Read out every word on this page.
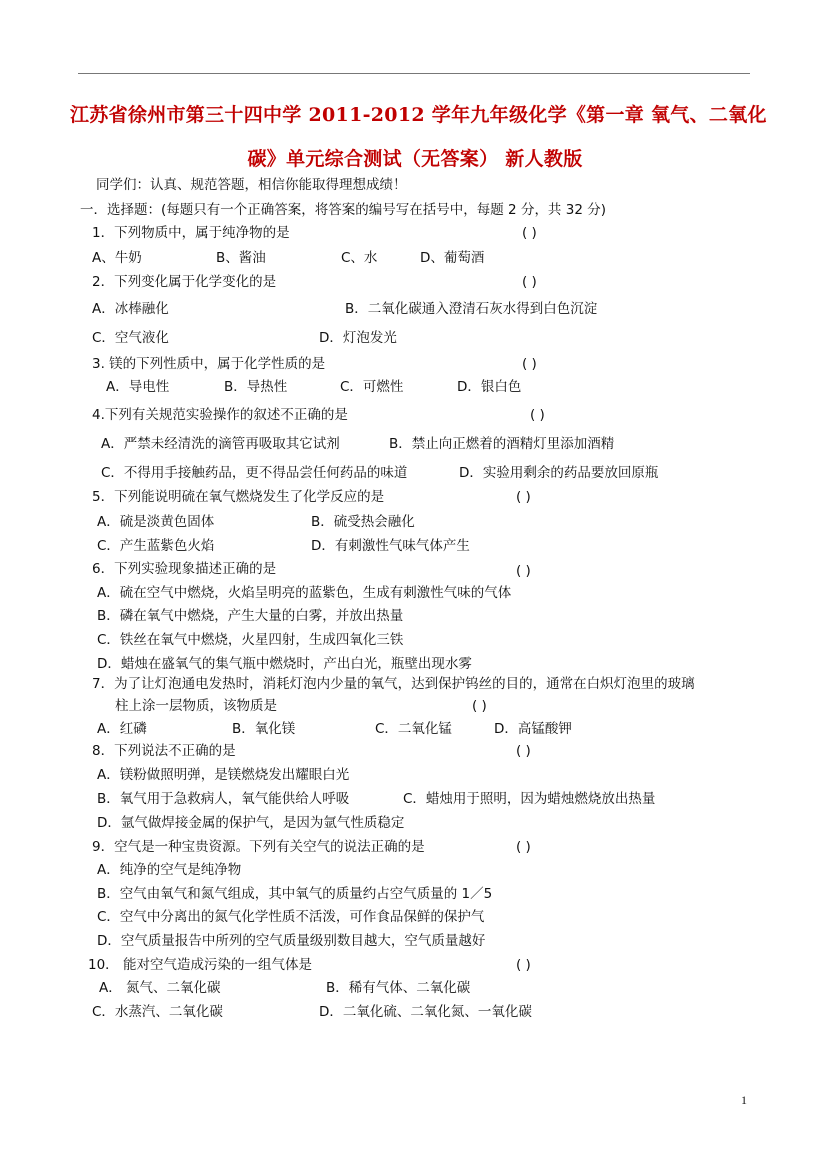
江苏省徐州市第三十四中学 2011-2012 学年九年级化学《第一章 氧气、二氧化
碳》单元综合测试（无答案） 新人教版
同学们：认真、规范答题，相信你能取得理想成绩！
一．选择题：(每题只有一个正确答案，将答案的编号写在括号中，每题 2 分，共 32 分)
1．下列物质中，属于纯净物的是	( )
A、牛奶	B、酱油	C、水	D、葡萄酒
2．下列变化属于化学变化的是	( )
A．冰棒融化	B．二氧化碳通入澄清石灰水得到白色沉淀
C．空气液化	D．灯泡发光
3. 镁的下列性质中，属于化学性质的是	( )
A．导电性	B．导热性	C．可燃性	D．银白色
4.下列有关规范实验操作的叙述不正确的是	( )
A．严禁未经清洗的滴管再吸取其它试剂	B．禁止向正燃着的酒精灯里添加酒精
C．不得用手接触药品，更不得品尝任何药品的味道	D．实验用剩余的药品要放回原瓶
5．下列能说明硫在氧气燃烧发生了化学反应的是	( )
A．硫是淡黄色固体	B．硫受热会融化
C．产生蓝紫色火焰	D．有刺激性气味气体产生
6．下列实验现象描述正确的是	( )
A．硫在空气中燃烧，火焰呈明亮的蓝紫色，生成有刺激性气味的气体
B．磷在氧气中燃烧，产生大量的白雾，并放出热量
C．铁丝在氧气中燃烧，火星四射，生成四氧化三铁
D．蜡烛在盛氧气的集气瓶中燃烧时，产出白光，瓶壁出现水雾
7．为了让灯泡通电发热时，消耗灯泡内少量的氧气，达到保护钨丝的目的，通常在白炽灯泡里的玻璃
柱上涂一层物质，该物质是	( )
A．红磷	B．氧化镁	C．二氧化锰	D．高锰酸钾
8．下列说法不正确的是	( )
A．镁粉做照明弹，是镁燃烧发出耀眼白光
B．氧气用于急救病人，氧气能供给人呼吸	C．蜡烛用于照明，因为蜡烛燃烧放出热量
D．氩气做焊接金属的保护气，是因为氩气性质稳定
9．空气是一种宝贵资源。下列有关空气的说法正确的是	( )
A．纯净的空气是纯净物
B．空气由氧气和氮气组成，其中氧气的质量约占空气质量的 1／5
C．空气中分离出的氮气化学性质不活泼，可作食品保鲜的保护气
D．空气质量报告中所列的空气质量级别数目越大，空气质量越好
10． 能对空气造成污染的一组气体是	( )
A． 氮气、二氧化碳	B．稀有气体、二氧化碳
C．水蒸汽、二氧化碳	D．二氧化硫、二氧化氮、一氧化碳
1
